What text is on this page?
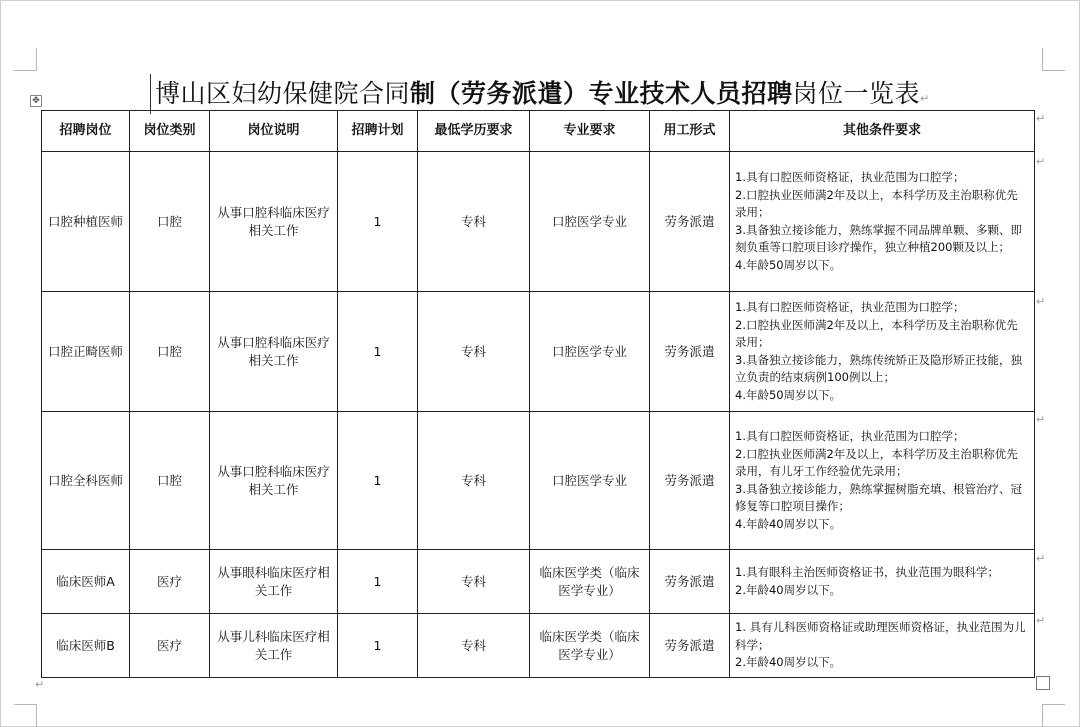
✥	博山区妇幼保健院合同制（劳务派遣）专业技术人员招聘岗位一览表↵
招聘岗位	岗位类别	岗位说明	招聘计划	最低学历要求	专业要求	用工形式	其他条件要求
口腔种植医师	口腔	从事口腔科临床医疗相关工作	1	专科	口腔医学专业	劳务派遣	1.具有口腔医师资格证，执业范围为口腔学；
2.口腔执业医师满2年及以上，本科学历及主治职称优先录用；
3.具备独立接诊能力，熟练掌握不同品牌单颗、多颗、即刻负重等口腔项目诊疗操作，独立种植200颗及以上；
4.年龄50周岁以下。

口腔正畸医师	口腔	从事口腔科临床医疗相关工作	1	专科	口腔医学专业	劳务派遣	1.具有口腔医师资格证，执业范围为口腔学；
2.口腔执业医师满2年及以上，本科学历及主治职称优先录用；
3.具备独立接诊能力，熟练传统矫正及隐形矫正技能，独立负责的结束病例100例以上；
4.年龄50周岁以下。

口腔全科医师	口腔	从事口腔科临床医疗相关工作	1	专科	口腔医学专业	劳务派遣	1.具有口腔医师资格证，执业范围为口腔学；
2.口腔执业医师满2年及以上，本科学历及主治职称优先录用，有儿牙工作经验优先录用；
3.具备独立接诊能力，熟练掌握树脂充填、根管治疗、冠修复等口腔项目操作；
4.年龄40周岁以下。

临床医师A	医疗	从事眼科临床医疗相关工作	1	专科	临床医学类（临床医学专业）	劳务派遣	1.具有眼科主治医师资格证书，执业范围为眼科学；
2.年龄40周岁以下。

临床医师B	医疗	从事儿科临床医疗相关工作	1	专科	临床医学类（临床医学专业）	劳务派遣	1. 具有儿科医师资格证或助理医师资格证，执业范围为儿科学；
2.年龄40周岁以下。
↵
↵
↵
↵
↵
↵
↵
